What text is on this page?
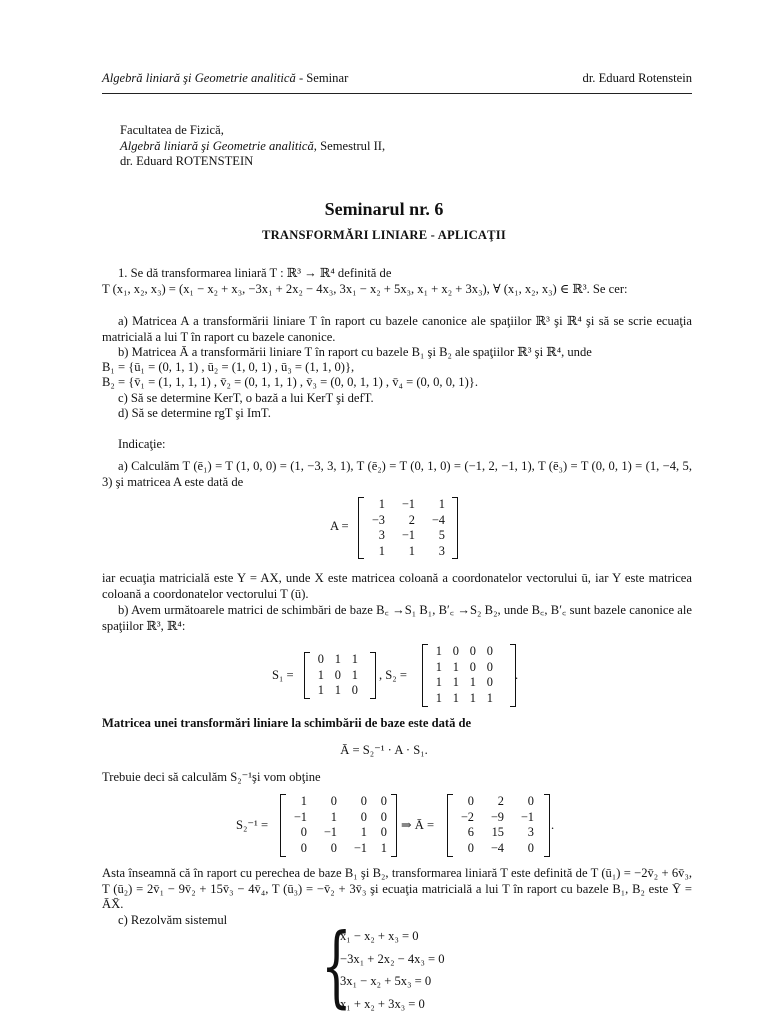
Algebră liniară şi Geometrie analitică - Seminar	dr. Eduard Rotenstein
Facultatea de Fizică,
Algebră liniară şi Geometrie analitică, Semestrul II,
dr. Eduard ROTENSTEIN
Seminarul nr. 6
TRANSFORMĂRI LINIARE - APLICAŢII
1. Se dă transformarea liniară T : ℝ³ → ℝ⁴ definită de
T (x₁, x₂, x₃) = (x₁ − x₂ + x₃, −3x₁ + 2x₂ − 4x₃, 3x₁ − x₂ + 5x₃, x₁ + x₂ + 3x₃), ∀ (x₁, x₂, x₃) ∈ ℝ³. Se cer:
a) Matricea A a transformării liniare T în raport cu bazele canonice ale spaţiilor ℝ³ şi ℝ⁴ şi să se scrie ecuaţia matricială a lui T în raport cu bazele canonice.
b) Matricea Ā a transformării liniare T în raport cu bazele B₁ şi B₂ ale spaţiilor ℝ³ şi ℝ⁴, unde
B₁ = {ū₁ = (0, 1, 1) , ū₂ = (1, 0, 1) , ū₃ = (1, 1, 0)},
B₂ = {v̄₁ = (1, 1, 1, 1) , v̄₂ = (0, 1, 1, 1) , v̄₃ = (0, 0, 1, 1) , v̄₄ = (0, 0, 0, 1)}.
c) Să se determine KerT, o bază a lui KerT şi defT.
d) Să se determine rgT şi ImT.
Indicaţie:
a) Calculăm T (ē₁) = T (1, 0, 0) = (1, −3, 3, 1), T (ē₂) = T (0, 1, 0) = (−1, 2, −1, 1), T (ē₃) = T (0, 0, 1) = (1, −4, 5, 3) şi matricea A este dată de
A =
1	−1	1
−3	2	−4
3	−1	5
1	1	3
iar ecuaţia matricială este Y = AX, unde X este matricea coloană a coordonatelor vectorului ū, iar Y este matricea coloană a coordonatelor vectorului T (ū).
b) Avem următoarele matrici de schimbări de baze B꜀ →S₁ B₁, B′꜀ →S₂ B₂, unde B꜀, B′꜀ sunt bazele canonice ale spaţiilor ℝ³, ℝ⁴:
S₁ =
0	1	1
1	0	1
1	1	0
, S₂ =
1	0	0	0
1	1	0	0
1	1	1	0
1	1	1	1
.
Matricea unei transformări liniare la schimbării de baze este dată de
Ā = S₂⁻¹ · A · S₁.
Trebuie deci să calculăm S₂⁻¹şi vom obţine
S₂⁻¹ =
1	0	0	0
−1	1	0	0
0	−1	1	0
0	0	−1	1
⇒ Ā =
0	2	0
−2	−9	−1
6	15	3
0	−4	0
.
Asta înseamnă că în raport cu perechea de baze B₁ şi B₂, transformarea liniară T este definită de T (ū₁) = −2v̄₂ + 6v̄₃, T (ū₂) = 2v̄₁ − 9v̄₂ + 15v̄₃ − 4v̄₄, T (ū₃) = −v̄₂ + 3v̄₃ şi ecuaţia matricială a lui T în raport cu bazele B₁, B₂ este Ȳ = ĀX̄.
c) Rezolvăm sistemul	{
x₁ − x₂ + x₃ = 0
−3x₁ + 2x₂ − 4x₃ = 0
3x₁ − x₂ + 5x₃ = 0
x₁ + x₂ + 3x₃ = 0
